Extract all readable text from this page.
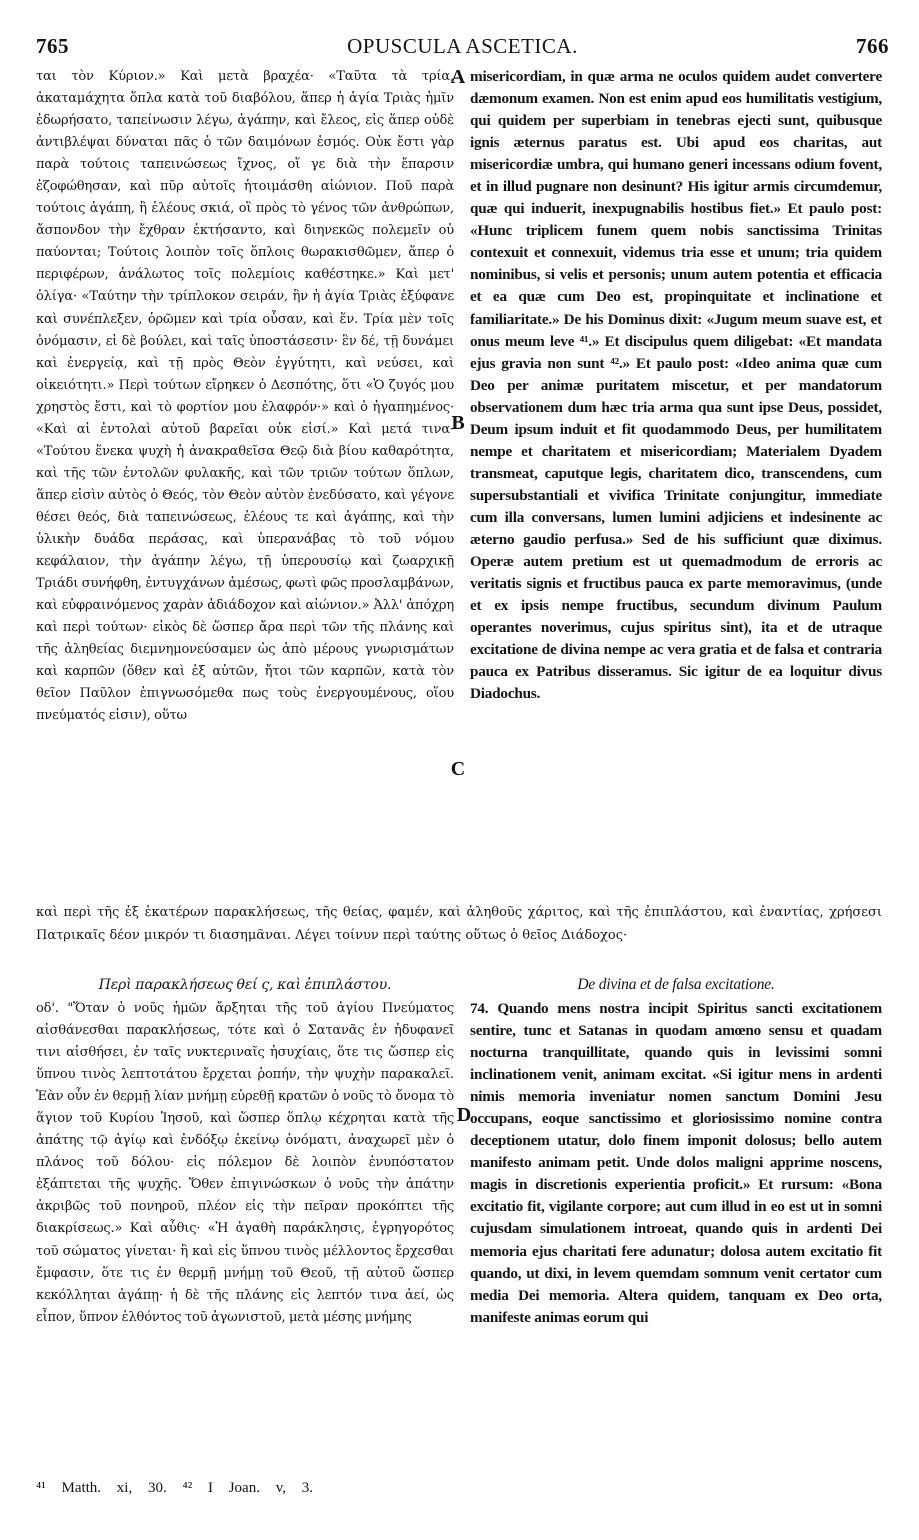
765	OPUSCULA ASCETICA.	766

ται τὸν Κύριον.» Καὶ μετὰ βραχέα· «Ταῦτα τὰ τρία, ἀκαταμάχητα ὅπλα κατὰ τοῦ διαβόλου, ἅπερ ἡ ἁγία Τριὰς ἡμῖν ἐδωρήσατο, ταπείνωσιν λέγω, ἀγάπην, καὶ ἔλεος, εἰς ἅπερ οὐδὲ ἀντιβλέψαι δύναται πᾶς ὁ τῶν δαιμόνων ἑσμός. Οὐκ ἔστι γὰρ παρὰ τούτοις ταπεινώσεως ἴχνος, οἵ γε διὰ τὴν ἔπαρσιν ἐζοφώθησαν, καὶ πῦρ αὐτοῖς ἡτοιμάσθη αἰώνιον. Ποῦ παρὰ τούτοις ἀγάπη, ἢ ἐλέους σκιά, οἳ πρὸς τὸ γένος τῶν ἀνθρώπων, ἄσπονδον τὴν ἔχθραν ἐκτήσαντο, καὶ διηνεκῶς πολεμεῖν οὐ παύονται; Τούτοις λοιπὸν τοῖς ὅπλοις θωρακισθῶμεν, ἅπερ ὁ περιφέρων, ἀνάλωτος τοῖς πολεμίοις καθέστηκε.» Καὶ μετ' ὀλίγα· «Ταύτην τὴν τρίπλοκον σειράν, ἣν ἡ ἁγία Τριὰς ἐξύφανε καὶ συνέπλεξεν, ὁρῶμεν καὶ τρία οὖσαν, καὶ ἕν. Τρία μὲν τοῖς ὀνόμασιν, εἰ δὲ βούλει, καὶ ταῖς ὑποστάσεσιν· ἓν δέ, τῇ δυνάμει καὶ ἐνεργείᾳ, καὶ τῇ πρὸς Θεὸν ἐγγύτητι, καὶ νεύσει, καὶ οἰκειότητι.» Περὶ τούτων εἴρηκεν ὁ Δεσπότης, ὅτι «Ὁ ζυγός μου χρηστὸς ἔστι, καὶ τὸ φορτίον μου ἐλαφρόν·» καὶ ὁ ἠγαπημένος· «Καὶ αἱ ἐντολαὶ αὐτοῦ βαρεῖαι οὐκ εἰσί.» Καὶ μετά τινα· «Τούτου ἕνεκα ψυχὴ ἡ ἀνακραθεῖσα Θεῷ διὰ βίου καθαρότητα, καὶ τῆς τῶν ἐντολῶν φυλακῆς, καὶ τῶν τριῶν τούτων ὅπλων, ἅπερ εἰσὶν αὐτὸς ὁ Θεός, τὸν Θεὸν αὐτὸν ἐνεδύσατο, καὶ γέγονε θέσει θεός, διὰ ταπεινώσεως, ἐλέους τε καὶ ἀγάπης, καὶ τὴν ὑλικὴν δυάδα περάσας, καὶ ὑπερανάβας τὸ τοῦ νόμου κεφάλαιον, τὴν ἀγάπην λέγω, τῇ ὑπερουσίῳ καὶ ζωαρχικῇ Τριάδι συνήφθη, ἐντυγχάνων ἀμέσως, φωτὶ φῶς προσλαμβάνων, καὶ εὐφραινόμενος χαρὰν ἀδιάδοχον καὶ αἰώνιον.» Ἀλλ' ἀπόχρη καὶ περὶ τούτων· εἰκὸς δὲ ὥσπερ ἄρα περὶ τῶν τῆς πλάνης καὶ τῆς ἀληθείας διεμνημονεύσαμεν ὡς ἀπὸ μέρους γνωρισμάτων καὶ καρπῶν (ὅθεν καὶ ἐξ αὐτῶν, ἤτοι τῶν καρπῶν, κατὰ τὸν θεῖον Παῦλον ἐπιγνωσόμεθα πως τοὺς ἐνεργουμένους, οἵου πνεύματός εἰσιν), οὕτω

misericordiam, in quæ arma ne oculos quidem audet convertere dæmonum examen. Non est enim apud eos humilitatis vestigium, qui quidem per superbiam in tenebras ejecti sunt, quibusque ignis æternus paratus est. Ubi apud eos charitas, aut misericordiæ umbra, qui humano generi incessans odium fovent, et in illud pugnare non desinunt? His igitur armis circumdemur, quæ qui induerit, inexpugnabilis hostibus fiet.» Et paulo post: «Hunc triplicem funem quem nobis sanctissima Trinitas contexuit et connexuit, videmus tria esse et unum; tria quidem nominibus, si velis et personis; unum autem potentia et efficacia et ea quæ cum Deo est, propinquitate et inclinatione et familiaritate.» De his Dominus dixit: «Jugum meum suave est, et onus meum leve ⁴¹.» Et discipulus quem diligebat: «Et mandata ejus gravia non sunt ⁴².» Et paulo post: «Ideo anima quæ cum Deo per animæ puritatem miscetur, et per mandatorum observationem dum hæc tria arma qua sunt ipse Deus, possidet, Deum ipsum induit et fit quodammodo Deus, per humilitatem nempe et charitatem et misericordiam; Materialem Dyadem transmeat, caputque legis, charitatem dico, transcendens, cum supersubstantiali et vivifica Trinitate conjungitur, immediate cum illa conversans, lumen lumini adjiciens et indesinente ac æterno gaudio perfusa.» Sed de his sufficiunt quæ diximus. Operæ autem pretium est ut quemadmodum de erroris ac veritatis signis et fructibus pauca ex parte memoravimus, (unde et ex ipsis nempe fructibus, secundum divinum Paulum operantes noverimus, cujus spiritus sint), ita et de utraque excitatione de divina nempe ac vera gratia et de falsa et contraria pauca ex Patribus disseramus. Sic igitur de ea loquitur divus Diadochus.

A
B
C
D

καὶ περὶ τῆς ἐξ ἑκατέρων παρακλήσεως, τῆς θείας, φαμέν, καὶ ἀληθοῦς χάριτος, καὶ τῆς ἐπιπλάστου, καὶ ἐναντίας, χρήσεσι Πατρικαῖς δέον μικρόν τι διασημᾶναι. Λέγει τοίνυν περὶ ταύτης οὕτως ὁ θεῖος Διάδοχος·

Περὶ παρακλήσεως θεί ς, καὶ ἐπιπλάστου.	De divina et de falsa excitatione.

οδ'. "Ὅταν ὁ νοῦς ἡμῶν ἄρξηται τῆς τοῦ ἁγίου Πνεύματος αἰσθάνεσθαι παρακλήσεως, τότε καὶ ὁ Σατανᾶς ἐν ἡδυφανεῖ τινι αἰσθήσει, ἐν ταῖς νυκτεριναῖς ἡσυχίαις, ὅτε τις ὥσπερ εἰς ὕπνου τινὸς λεπτοτάτου ἔρχεται ῥοπήν, τὴν ψυχὴν παρακαλεῖ. Ἐὰν οὖν ἐν θερμῇ λίαν μνήμῃ εὑρεθῇ κρατῶν ὁ νοῦς τὸ ὄνομα τὸ ἅγιον τοῦ Κυρίου Ἰησοῦ, καὶ ὥσπερ ὅπλῳ κέχρηται κατὰ τῆς ἀπάτης τῷ ἁγίῳ καὶ ἐνδόξῳ ἐκείνῳ ὀνόματι, ἀναχωρεῖ μὲν ὁ πλάνος τοῦ δόλου· εἰς πόλεμον δὲ λοιπὸν ἐνυπόστατον ἐξάπτεται τῆς ψυχῆς. Ὅθεν ἐπιγινώσκων ὁ νοῦς τὴν ἀπάτην ἀκριβῶς τοῦ πονηροῦ, πλέον εἰς τὴν πεῖραν προκόπτει τῆς διακρίσεως.» Καὶ αὖθις· «Ἡ ἀγαθὴ παράκλησις, ἐγρηγορότος τοῦ σώματος γίνεται· ἢ καὶ εἰς ὕπνου τινὸς μέλλοντος ἔρχεσθαι ἔμφασιν, ὅτε τις ἐν θερμῇ μνήμῃ τοῦ Θεοῦ, τῇ αὐτοῦ ὥσπερ κεκόλληται ἀγάπῃ· ἡ δὲ τῆς πλάνης εἰς λεπτόν τινα ἀεί, ὡς εἶπον, ὕπνον ἐλθόντος τοῦ ἀγωνιστοῦ, μετὰ μέσης μνήμης

74. Quando mens nostra incipit Spiritus sancti excitationem sentire, tunc et Satanas in quodam amœno sensu et quadam nocturna tranquillitate, quando quis in levissimi somni inclinationem venit, animam excitat. «Si igitur mens in ardenti nimis memoria inveniatur nomen sanctum Domini Jesu occupans, eoque sanctissimo et gloriosissimo nomine contra deceptionem utatur, dolo finem imponit dolosus; bello autem manifesto animam petit. Unde dolos maligni apprime noscens, magis in discretionis experientia proficit.» Et rursum: «Bona excitatio fit, vigilante corpore; aut cum illud in eo est ut in somni cujusdam simulationem introeat, quando quis in ardenti Dei memoria ejus charitati fere adunatur; dolosa autem excitatio fit quando, ut dixi, in levem quemdam somnum venit certator cum media Dei memoria. Altera quidem, tanquam ex Deo orta, manifeste animas eorum qui

⁴¹ Matth. xi, 30. ⁴² I Joan. v, 3.
